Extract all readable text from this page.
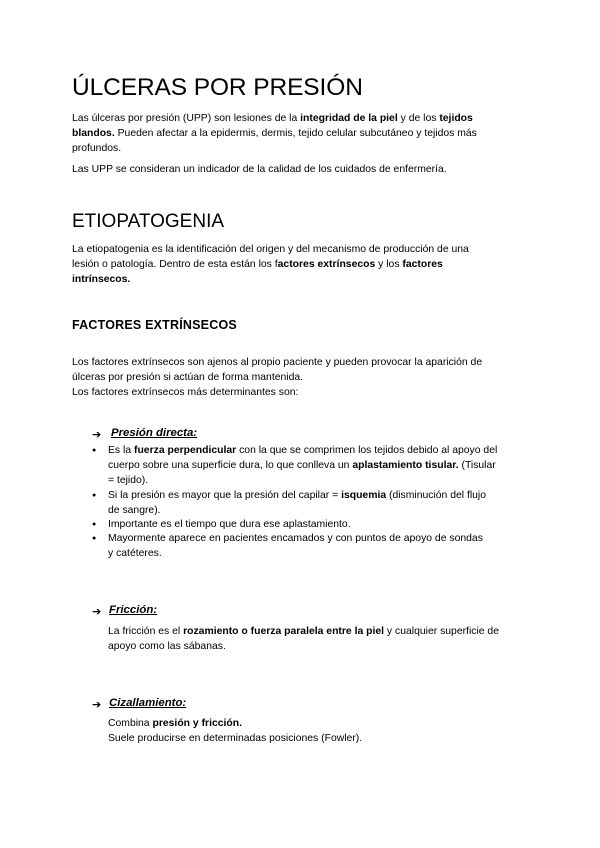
ÚLCERAS POR PRESIÓN
Las úlceras por presión (UPP) son lesiones de la integridad de la piel y de los tejidos
blandos. Pueden afectar a la epidermis, dermis, tejido celular subcutáneo y tejidos más
profundos.
Las UPP se consideran un indicador de la calidad de los cuidados de enfermería.
ETIOPATOGENIA
La etiopatogenia es la identificación del origen y del mecanismo de producción de una
lesión o patología. Dentro de esta están los factores extrínsecos y los factores
intrínsecos.
FACTORES EXTRÍNSECOS
Los factores extrínsecos son ajenos al propio paciente y pueden provocar la aparición de
úlceras por presión si actúan de forma mantenida.
Los factores extrínsecos más determinantes son:
➔ Presión directa:
● Es la fuerza perpendicular con la que se comprimen los tejidos debido al apoyo del
cuerpo sobre una superficie dura, lo que conlleva un aplastamiento tisular. (Tisular
= tejido).
● Si la presión es mayor que la presión del capilar = isquemia (disminución del flujo
de sangre).
● Importante es el tiempo que dura ese aplastamiento.
● Mayormente aparece en pacientes encamados y con puntos de apoyo de sondas
y catéteres.
➔ Fricción:
La fricción es el rozamiento o fuerza paralela entre la piel y cualquier superficie de
apoyo como las sábanas.
➔ Cizallamiento:
Combina presión y fricción.
Suele producirse en determinadas posiciones (Fowler).
